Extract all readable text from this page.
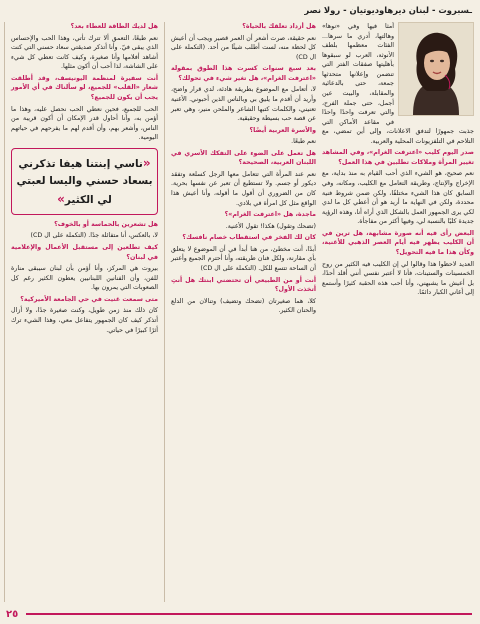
ـسبروت - لبنان ديرهاوديوتيان - رولا نصر

أمثا فيها وفي «نوها» وهالتها، أدري ما سرها... الفئات معظمها بلطف الأنوثة، العرب لو سبقوها بأهليتها صفقات الفتر التي تنضمن وإعلانها متحدثها جمعة، حتى بالدعائية والمقابلة، والبيت عين أجمل، حتى جملة الفرح، والتي تعرفت واحدًا واحدًا في مقاعد الأماكن التي جذبت جمهورًا لتدفق الاعلانات، وإلى أين تمضي، مع التلاحم في التلفزيونات المحلية والعربية.

صدر اليوم كليب «اعترفت الغرام»، وفي المشاهد تغيير المرأة وملاكات تطلبين في هذا العمل؟

نعم صحيح، هو الشيء الذي أحب القيام به منذ بداية، مع الإخراج والإنتاج، وطريقة التعامل مع الكليب، ومكانه، وفي السابق كان هذا الشيء مختلفًا، ولكن ضمن شروط فنية محددة، ولكن في النهاية ما أريد هو أن أعطي كل ما لدي لكي يرى الجمهور العمل بالشكل الذي أراه أنا، وهذه الرؤية جديدة كليًا بالنسبة لي، وفيها أكثر من مفاجأة.

البعض رأى فيه أنه صورة مشابهة، هل ترين في أن الكليب يظهر فيه أيام العصر الذهبي للأغنية، وكأن هذا ما فيه التحويل؟

العديد لاحظوا هذا وقالوا لي إن الكليب فيه الكثير من روح الخمسينات والستينات، فأنا لا أعتبر نفسي أنني أقلد أحدًا، بل أعيش ما يشبهني، وأنا أحب هذه الحقبة كثيرًا وأستمع إلى أغاني الكبار دائمًا.

هل أزداد تعلقك بالحياة؟

نعم حقيقة، صرت أشعر أن العمر قصير ويجب أن أعيش كل لحظة منه، لست أطلب شيئًا من أحد. (التكملة على ال CD)

بعد سبع سنوات كسرت هذا الطوق بمقولة «اعترفت الغرام»، هل تغير شيء في تحولك؟

لا، أتعامل مع الموضوع بطريقة هادئة، لدي قرار واضح، وأريد أن أقدم ما يليق بي وبالناس الذين أحبوني. الأغنية تعنيني، والكلمات كتبها الشاعر والملحن منير، وهي تعبر عن قصة حب بسيطة وحقيقية.

والأسرة العربية أيضًا؟

نعم طبعًا.

هل تعمل على الضوء على التفكك الأسري في اللبنان العربية، الصحيحة؟

نعم عند المرأة التي تتعامل معها الرجل كسلعة وتفقد ديكور أو جسم. ولا تستطيع أن تعبر عن نفسها بحرية. كان من الضروري أن أقول ما أقوله، وأنا أعيش هذا الواقع مثل كل امرأة في بلادي.

ماجدة، هل «اعترفت الغرام»؟

(تضحك وتقول) هكذا! تقول الأغنية.

كان لك الفخر في استقطاب خصام نافسك؟

أبدًا، أنت مخطئ، من هنا أبدأ في أن الموضوع لا يتعلق بأي مقارنة، ولكل فنان طريقته، وأنا أحترم الجميع وأعتبر أن الساحة تتسع للكل. (التكملة على ال CD)

أنت أو من الطبيعي أن تحتضني ابنتك هل أنتِ أتخذت الأول؟

كلا، هما صغيرتان (تضحك وتضيف) وتنالان من الدلع والحنان الكثير.

هل لديك الطاقة للعطاء بعد؟

نعم طبعًا، التعمق ألا تترك تأتي، وهذا الحب والإحساس الذي يبقى فيّ. وأنا أتذكر صديقتي سعاد حسني التي كنت أشاهد أفلامها وأنا صغيرة، وكيف كانت تعطي كل شيء على الشاشة، لذا أحب أن أكون مثلها.

أنت سفيرة لمنظمة اليونيسف، وقد أطلقت شعار «القلب» للجميع، لو سألناك في أي الأمور يجب أن يكون للجميع؟

الحب للجميع، فحين نعطي الحب نحصل عليه، وهذا ما أؤمن به، وأنا أحاول قدر الإمكان أن أكون قريبة من الناس، وأشعر بهم، وأن أقدم لهم ما يفرحهم في حياتهم اليومية.

«ناسي إبنتنا هيفا تذكرني بسعاد حسني واليسا لعبتي لي الكثير»

هل تشعرين بالحماسة أو بالخوف؟

لا، بالعكس، أنا متفائلة جدًا. (التكملة على ال CD)

كيف تطلعين إلى مستقبل الأعمال والإعلامية في لبنان؟

بيروت هي المركز، وأنا أؤمن بأن لبنان سيبقى منارة للفن، وأن الفنانين اللبنانيين يعطون الكثير رغم كل الصعوبات التي يمرون بها.

متى سمعت غنيت في حي الجامعة الأميركية؟

كان ذلك منذ زمن طويل، وكنت صغيرة جدًا، ولا أزال أتذكر كيف كان الجمهور يتفاعل معي، وهذا الشيء ترك أثرًا كبيرًا في حياتي.

٢٥
